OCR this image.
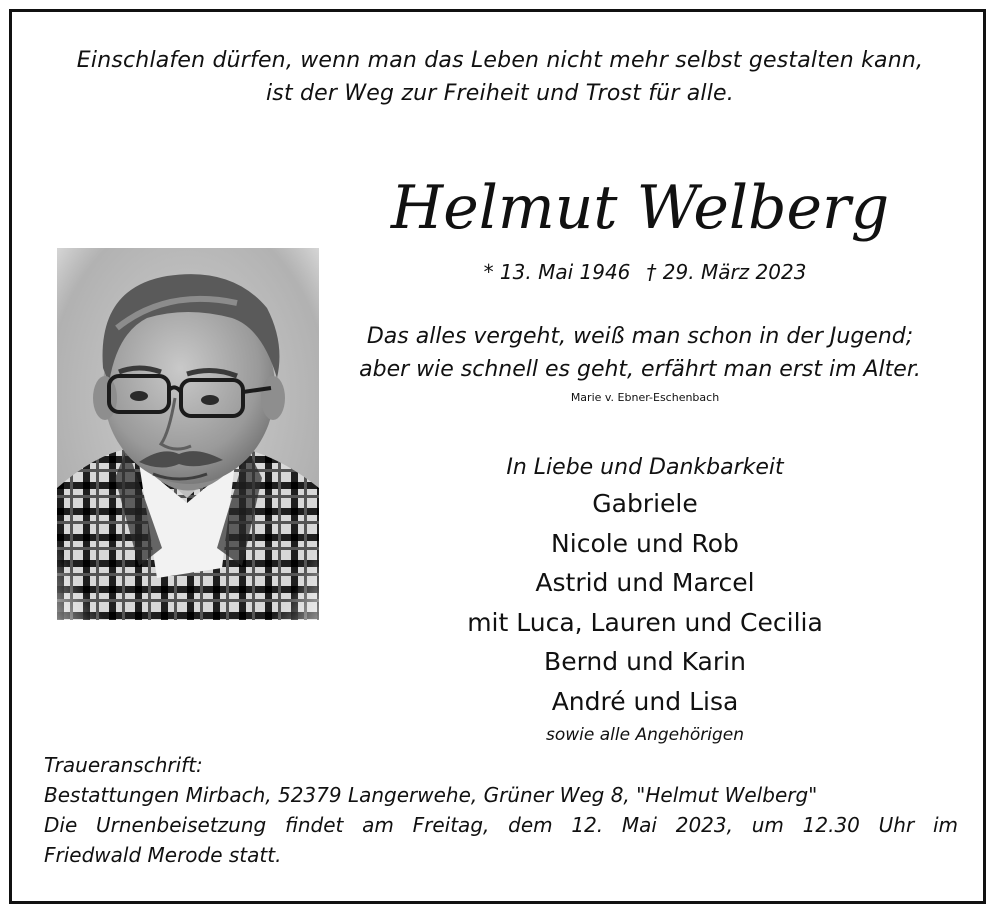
Einschlafen dürfen, wenn man das Leben nicht mehr selbst gestalten kann,
ist der Weg zur Freiheit und Trost für alle.
Helmut Welberg
* 13. Mai 1946 † 29. März 2023
Das alles vergeht, weiß man schon in der Jugend;
aber wie schnell es geht, erfährt man erst im Alter.
Marie v. Ebner-Eschenbach
In Liebe und Dankbarkeit
Gabriele
Nicole und Rob
Astrid und Marcel
mit Luca, Lauren und Cecilia
Bernd und Karin
André und Lisa
sowie alle Angehörigen
Traueranschrift:
Bestattungen Mirbach, 52379 Langerwehe, Grüner Weg 8, "Helmut Welberg"
Die Urnenbeisetzung findet am Freitag, dem 12. Mai 2023, um 12.30 Uhr im
Friedwald Merode statt.
